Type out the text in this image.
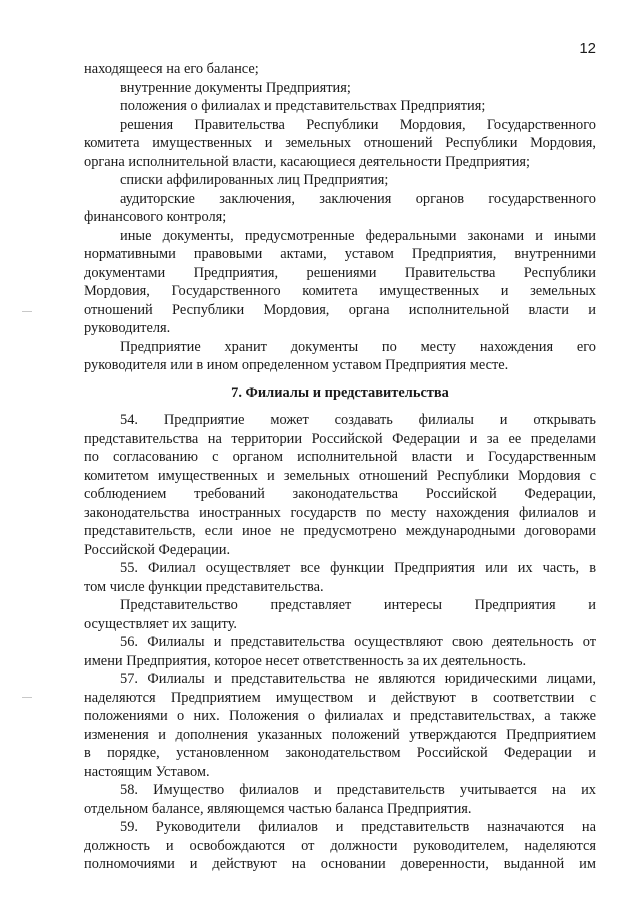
12
находящееся на его балансе;
внутренние документы Предприятия;
положения о филиалах и представительствах Предприятия;
решения Правительства Республики Мордовия, Государственного
комитета имущественных и земельных отношений Республики Мордовия,
органа исполнительной власти, касающиеся деятельности Предприятия;
списки аффилированных лиц Предприятия;
аудиторские заключения, заключения органов государственного
финансового контроля;
иные документы, предусмотренные федеральными законами и иными
нормативными правовыми актами, уставом Предприятия, внутренними
документами Предприятия, решениями Правительства Республики
Мордовия, Государственного комитета имущественных и земельных
отношений Республики Мордовия, органа исполнительной власти и
руководителя.
Предприятие хранит документы по месту нахождения его
руководителя или в ином определенном уставом Предприятия месте.
7. Филиалы и представительства
54. Предприятие может создавать филиалы и открывать
представительства на территории Российской Федерации и за ее пределами
по согласованию с органом исполнительной власти и Государственным
комитетом имущественных и земельных отношений Республики Мордовия с
соблюдением требований законодательства Российской Федерации,
законодательства иностранных государств по месту нахождения филиалов и
представительств, если иное не предусмотрено международными договорами
Российской Федерации.
55. Филиал осуществляет все функции Предприятия или их часть, в
том числе функции представительства.
Представительство представляет интересы Предприятия и
осуществляет их защиту.
56. Филиалы и представительства осуществляют свою деятельность от
имени Предприятия, которое несет ответственность за их деятельность.
57. Филиалы и представительства не являются юридическими лицами,
наделяются Предприятием имуществом и действуют в соответствии с
положениями о них. Положения о филиалах и представительствах, а также
изменения и дополнения указанных положений утверждаются Предприятием
в порядке, установленном законодательством Российской Федерации и
настоящим Уставом.
58. Имущество филиалов и представительств учитывается на их
отдельном балансе, являющемся частью баланса Предприятия.
59. Руководители филиалов и представительств назначаются на
должность и освобождаются от должности руководителем, наделяются
полномочиями и действуют на основании доверенности, выданной им
